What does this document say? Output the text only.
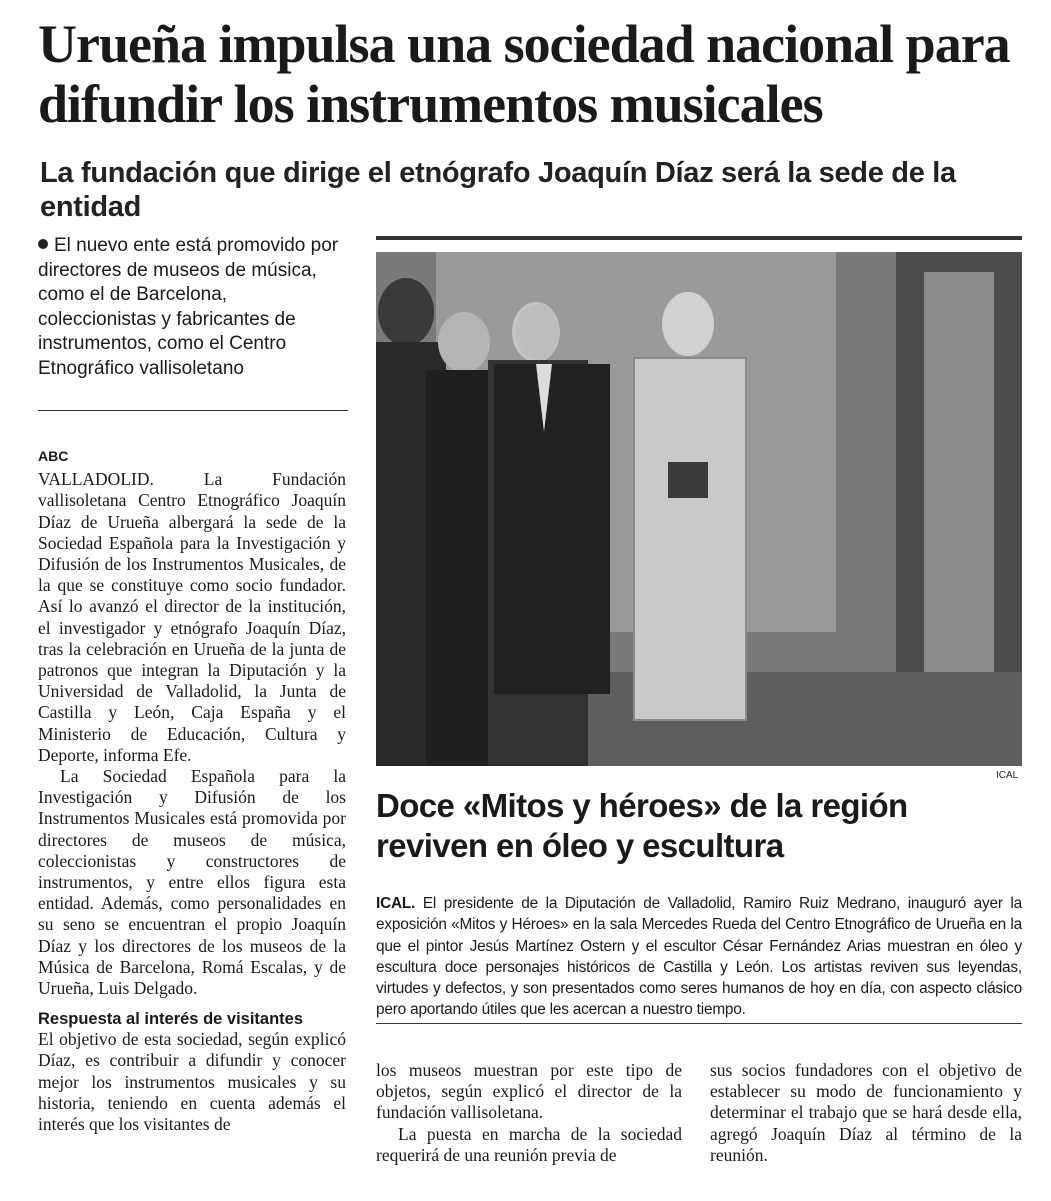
Urueña impulsa una sociedad nacional para difundir los instrumentos musicales
La fundación que dirige el etnógrafo Joaquín Díaz será la sede de la entidad
El nuevo ente está promovido por directores de museos de música, como el de Barcelona, coleccionistas y fabricantes de instrumentos, como el Centro Etnográfico vallisoletano
ABC

VALLADOLID.	La Fundación vallisoletana Centro Etnográfico Joaquín Díaz de Urueña albergará la sede de la Sociedad Española para la Investigación y Difusión de los Instrumentos Musicales, de la que se constituye como socio fundador. Así lo avanzó el director de la institución, el investigador y etnógrafo Joaquín Díaz, tras la celebración en Urueña de la junta de patronos que integran la Diputación y la Universidad de Valladolid, la Junta de Castilla y León, Caja España y el Ministerio de Educación, Cultura y Deporte, informa Efe.

La Sociedad Española para la Investigación y Difusión de los Instrumentos Musicales está promovida por directores de museos de música, coleccionistas y constructores de instrumentos, y entre ellos figura esta entidad. Además, como personalidades en su seno se encuentran el propio Joaquín Díaz y los directores de los museos de la Música de Barcelona, Romá Escalas, y de Urueña, Luis Delgado.

Respuesta al interés de visitantes

El objetivo de esta sociedad, según explicó Díaz, es contribuir a difundir y conocer mejor los instrumentos musicales y su historia, teniendo en cuenta además el interés que los visitantes de

los museos muestran por este tipo de objetos, según explicó el director de la fundación vallisoletana.

La puesta en marcha de la sociedad requerirá de una reunión previa de

sus socios fundadores con el objetivo de establecer su modo de funcionamiento y determinar el trabajo que se hará desde ella, agregó Joaquín Díaz al término de la reunión.

ICAL
Doce «Mitos y héroes» de la región reviven en óleo y escultura

ICAL. El presidente de la Diputación de Valladolid, Ramiro Ruiz Medrano, inauguró ayer la exposición «Mitos y Héroes» en la sala Mercedes Rueda del Centro Etnográfico de Urueña en la que el pintor Jesús Martínez Ostern y el escultor César Fernández Arias muestran en óleo y escultura doce personajes históricos de Castilla y León. Los artistas reviven sus leyendas, virtudes y defectos, y son presentados como seres humanos de hoy en día, con aspecto clásico pero aportando útiles que les acercan a nuestro tiempo.
